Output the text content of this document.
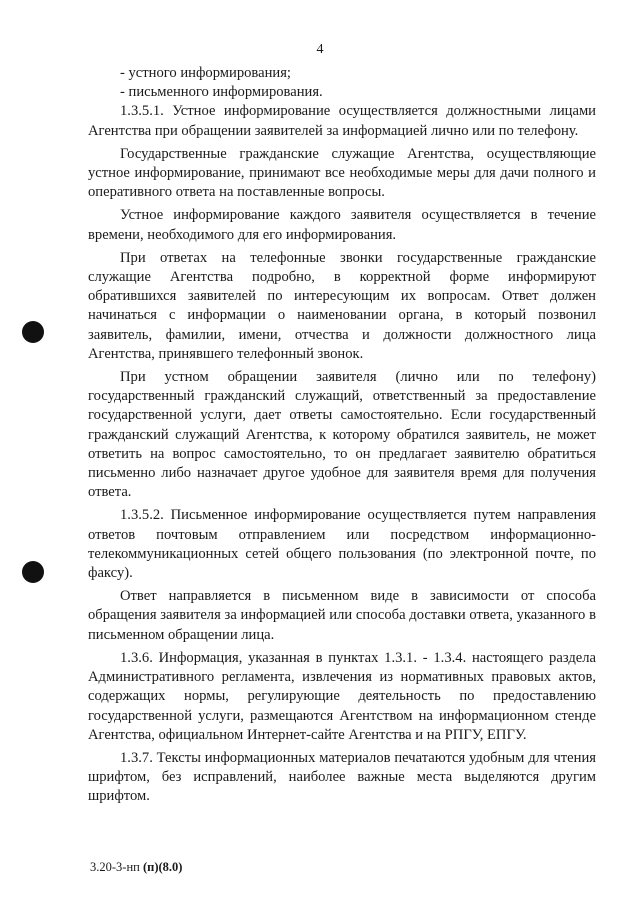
4

- устного информирования;

- письменного информирования.

1.3.5.1. Устное информирование осуществляется должностными лицами Агентства при обращении заявителей за информацией лично или по телефону.

Государственные гражданские служащие Агентства, осуществляющие устное информирование, принимают все необходимые меры для дачи полного и оперативного ответа на поставленные вопросы.

Устное информирование каждого заявителя осуществляется в течение времени, необходимого для его информирования.

При ответах на телефонные звонки государственные гражданские служащие Агентства подробно, в корректной форме информируют обратившихся заявителей по интересующим их вопросам. Ответ должен начинаться с информации о наименовании органа, в который позвонил заявитель, фамилии, имени, отчества и должности должностного лица Агентства, принявшего телефонный звонок.

При устном обращении заявителя (лично или по телефону) государственный гражданский служащий, ответственный за предоставление государственной услуги, дает ответы самостоятельно. Если государственный гражданский служащий Агентства, к которому обратился заявитель, не может ответить на вопрос самостоятельно, то он предлагает заявителю обратиться письменно либо назначает другое удобное для заявителя время для получения ответа.

1.3.5.2. Письменное информирование осуществляется путем направления ответов почтовым отправлением или посредством информационно-телекоммуникационных сетей общего пользования (по электронной почте, по факсу).

Ответ направляется в письменном виде в зависимости от способа обращения заявителя за информацией или способа доставки ответа, указанного в письменном обращении лица.

1.3.6. Информация, указанная в пунктах 1.3.1. - 1.3.4. настоящего раздела Административного регламента, извлечения из нормативных правовых актов, содержащих нормы, регулирующие деятельность по предоставлению государственной услуги, размещаются Агентством на информационном стенде Агентства, официальном Интернет-сайте Агентства и на РПГУ, ЕПГУ.

1.3.7. Тексты информационных материалов печатаются удобным для чтения шрифтом, без исправлений, наиболее важные места выделяются другим шрифтом.

3.20-3-нп (п)(8.0)
